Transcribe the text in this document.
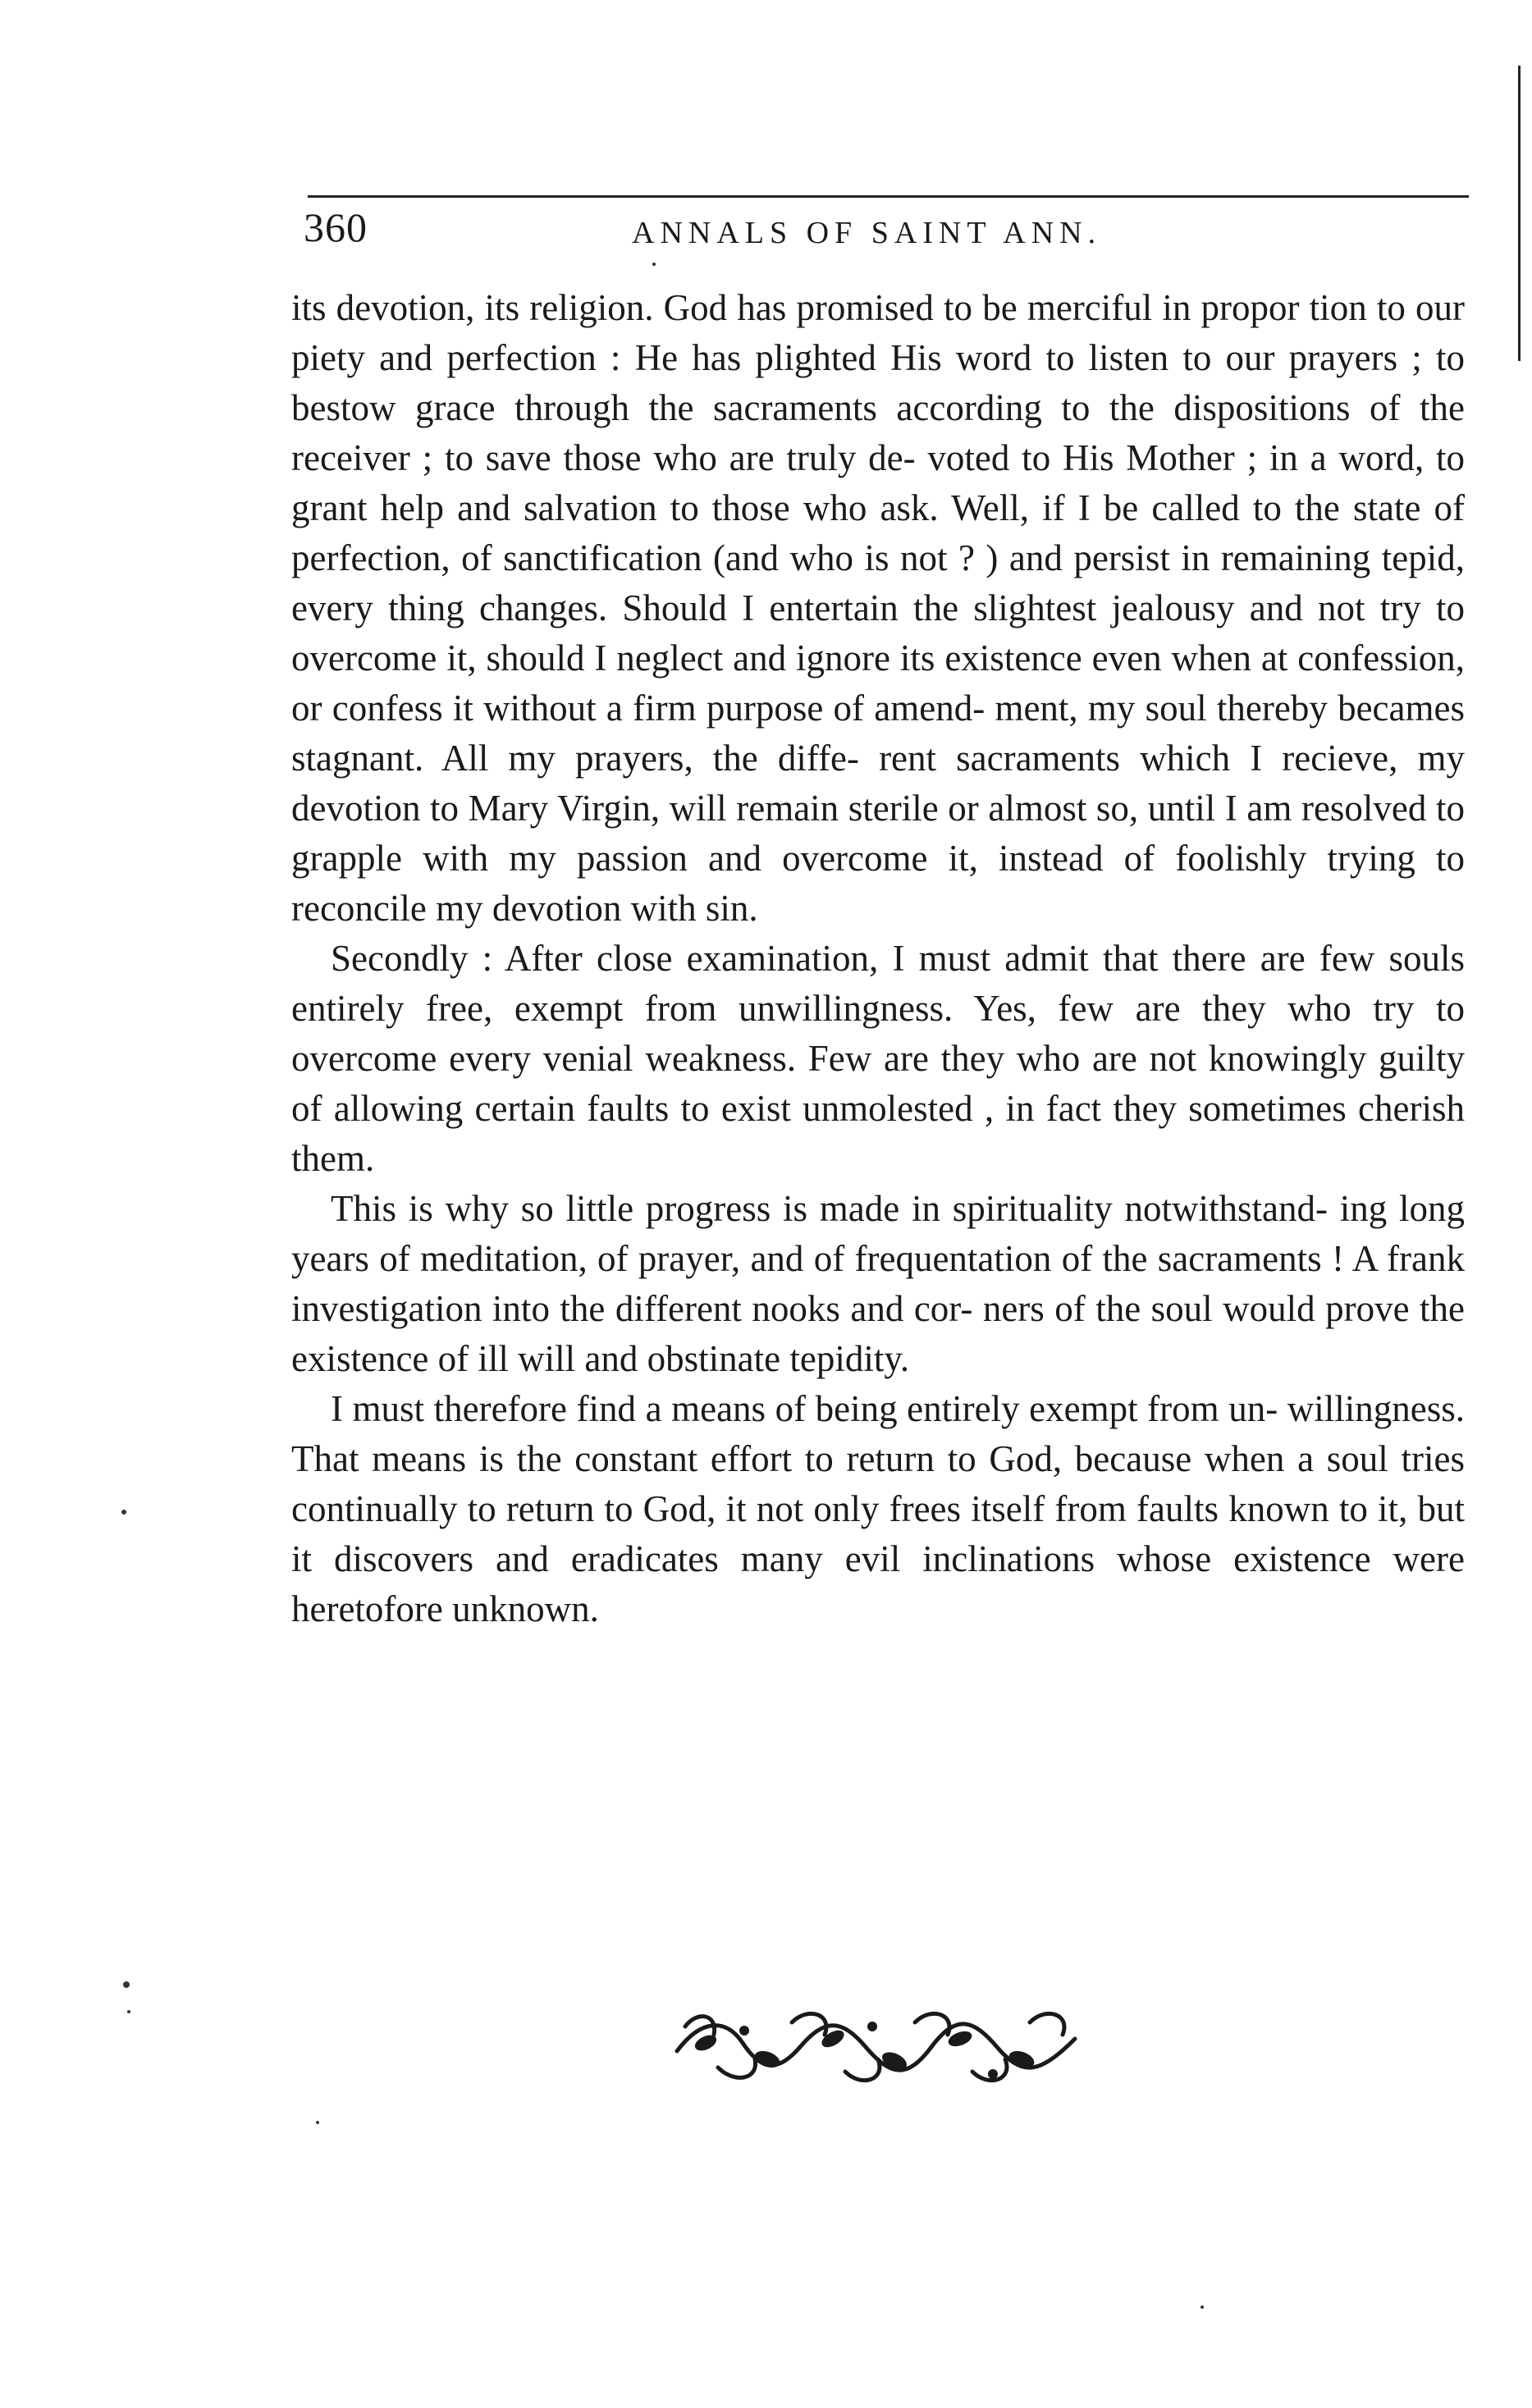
360	ANNALS OF SAINT ANN.

its devotion, its religion. God has promised to be merciful in propor tion to our piety and perfection : He has plighted His word to listen to our prayers ; to bestow grace through the sacraments according to the dispositions of the receiver ; to save those who are truly de- voted to His Mother ; in a word, to grant help and salvation to those who ask. Well, if I be called to the state of perfection, of sanctification (and who is not ? ) and persist in remaining tepid, every thing changes. Should I entertain the slightest jealousy and not try to overcome it, should I neglect and ignore its existence even when at confession, or confess it without a firm purpose of amend- ment, my soul thereby becames stagnant. All my prayers, the diffe- rent sacraments which I recieve, my devotion to Mary Virgin, will remain sterile or almost so, until I am resolved to grapple with my passion and overcome it, instead of foolishly trying to reconcile my devotion with sin.

Secondly : After close examination, I must admit that there are few souls entirely free, exempt from unwillingness. Yes, few are they who try to overcome every venial weakness. Few are they who are not knowingly guilty of allowing certain faults to exist unmolested , in fact they sometimes cherish them.

This is why so little progress is made in spirituality notwithstand- ing long years of meditation, of prayer, and of frequentation of the sacraments ! A frank investigation into the different nooks and cor- ners of the soul would prove the existence of ill will and obstinate tepidity.

I must therefore find a means of being entirely exempt from un- willingness. That means is the constant effort to return to God, because when a soul tries continually to return to God, it not only frees itself from faults known to it, but it discovers and eradicates many evil inclinations whose existence were heretofore unknown.
